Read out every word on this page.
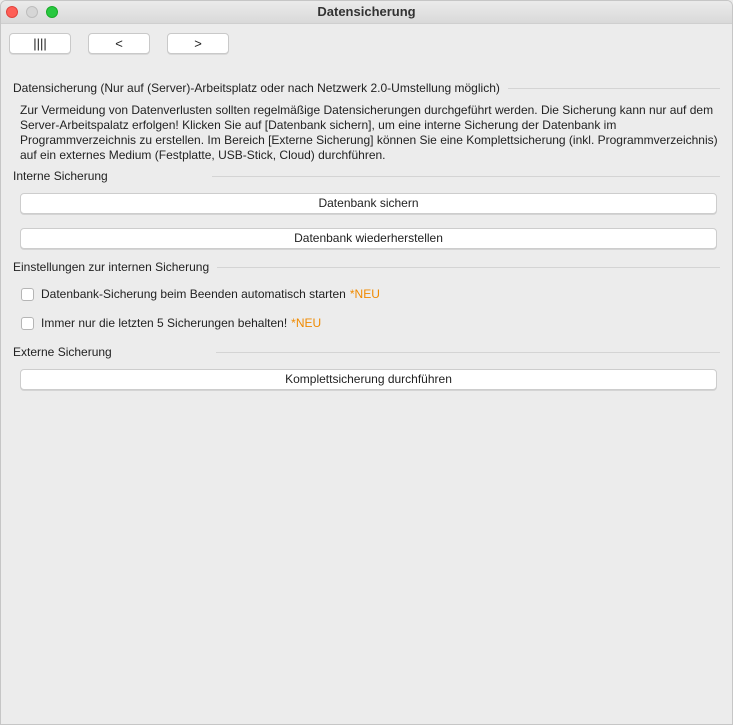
Datensicherung
||||	<	>
Datensicherung (Nur auf (Server)-Arbeitsplatz oder nach Netzwerk 2.0-Umstellung möglich)
Zur Vermeidung von Datenverlusten sollten regelmäßige Datensicherungen durchgeführt werden. Die Sicherung kann nur auf dem Server-Arbeitspalatz erfolgen! Klicken Sie auf [Datenbank sichern], um eine interne Sicherung der Datenbank im Programmverzeichnis zu erstellen. Im Bereich [Externe Sicherung] können Sie eine Komplettsicherung (inkl. Programmverzeichnis) auf ein externes Medium (Festplatte, USB-Stick, Cloud) durchführen.
Interne Sicherung
Datenbank sichern
Datenbank wiederherstellen
Einstellungen zur internen Sicherung
Datenbank-Sicherung beim Beenden automatisch starten *NEU
Immer nur die letzten 5 Sicherungen behalten! *NEU
Externe Sicherung
Komplettsicherung durchführen
